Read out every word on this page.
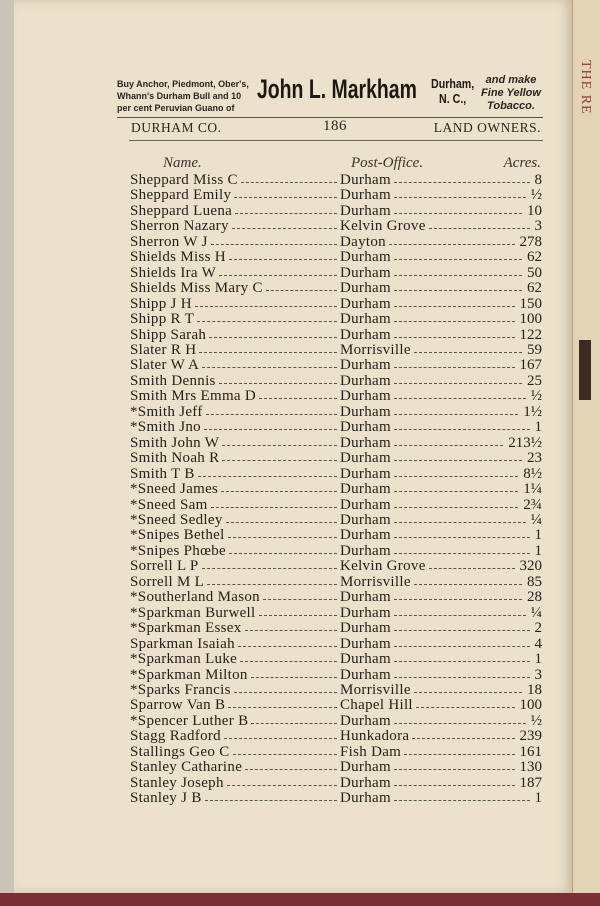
THE RE
Buy Anchor, Piedmont, Ober's,
Whann's Durham Bull and 10
per cent Peruvian Guano of
John L. Markham Durham,
N. C.,
and make
Fine Yellow
Tobacco.
DURHAM CO.	186	LAND OWNERS.
Name.	Post-Office.	Acres.
Sheppard Miss C	Durham	8
Sheppard Emily	Durham	½
Sheppard Luena	Durham	10
Sherron Nazary	Kelvin Grove	3
Sherron W J	Dayton	278
Shields Miss H	Durham	62
Shields Ira W	Durham	50
Shields Miss Mary C	Durham	62
Shipp J H	Durham	150
Shipp R T	Durham	100
Shipp Sarah	Durham	122
Slater R H	Morrisville	59
Slater W A	Durham	167
Smith Dennis	Durham	25
Smith Mrs Emma D	Durham	½
*Smith Jeff	Durham	1½
*Smith Jno	Durham	1
Smith John W	Durham	213½
Smith Noah R	Durham	23
Smith T B	Durham	8½
*Sneed James	Durham	1¼
*Sneed Sam	Durham	2¾
*Sneed Sedley	Durham	¼
*Snipes Bethel	Durham	1
*Snipes Phœbe	Durham	1
Sorrell L P	Kelvin Grove	320
Sorrell M L	Morrisville	85
*Southerland Mason	Durham	28
*Sparkman Burwell	Durham	¼
*Sparkman Essex	Durham	2
Sparkman Isaiah	Durham	4
*Sparkman Luke	Durham	1
*Sparkman Milton	Durham	3
*Sparks Francis	Morrisville	18
Sparrow Van B	Chapel Hill	100
*Spencer Luther B	Durham	½
Stagg Radford	Hunkadora	239
Stallings Geo C	Fish Dam	161
Stanley Catharine	Durham	130
Stanley Joseph	Durham	187
Stanley J B	Durham	1
